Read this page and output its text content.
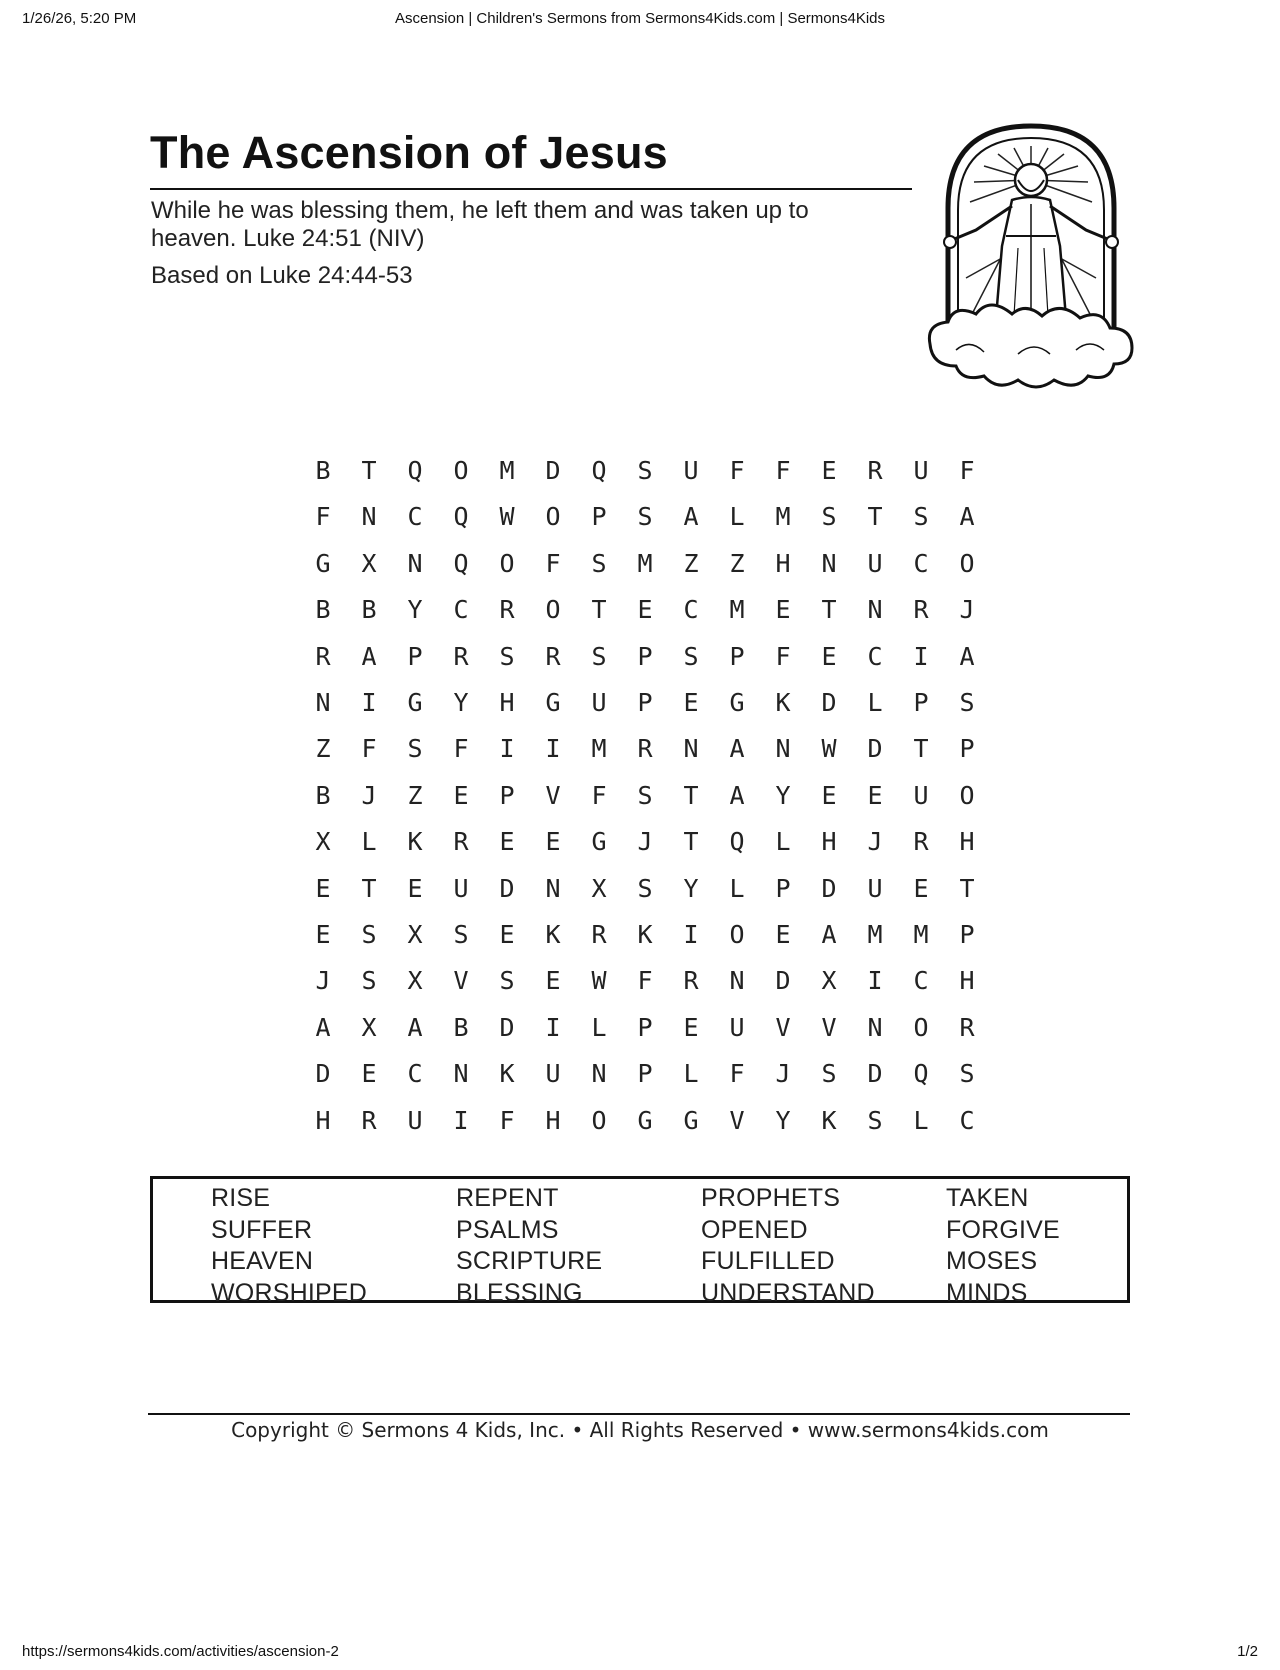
1/26/26, 5:20 PM	Ascension | Children's Sermons from Sermons4Kids.com | Sermons4Kids
The Ascension of Jesus
While he was blessing them, he left them and was taken up to heaven. Luke 24:51 (NIV)
Based on Luke 24:44-53
B	T	Q	O	M	D	Q	S	U	F	F	E	R	U	F
F	N	C	Q	W	O	P	S	A	L	M	S	T	S	A
G	X	N	Q	O	F	S	M	Z	Z	H	N	U	C	O
B	B	Y	C	R	O	T	E	C	M	E	T	N	R	J
R	A	P	R	S	R	S	P	S	P	F	E	C	I	A
N	I	G	Y	H	G	U	P	E	G	K	D	L	P	S
Z	F	S	F	I	I	M	R	N	A	N	W	D	T	P
B	J	Z	E	P	V	F	S	T	A	Y	E	E	U	O
X	L	K	R	E	E	G	J	T	Q	L	H	J	R	H
E	T	E	U	D	N	X	S	Y	L	P	D	U	E	T
E	S	X	S	E	K	R	K	I	O	E	A	M	M	P
J	S	X	V	S	E	W	F	R	N	D	X	I	C	H
A	X	A	B	D	I	L	P	E	U	V	V	N	O	R
D	E	C	N	K	U	N	P	L	F	J	S	D	Q	S
H	R	U	I	F	H	O	G	G	V	Y	K	S	L	C
RISE
SUFFER
HEAVEN
WORSHIPED
REPENT
PSALMS
SCRIPTURE
BLESSING
PROPHETS
OPENED
FULFILLED
UNDERSTAND
TAKEN
FORGIVE
MOSES
MINDS
Copyright © Sermons 4 Kids, Inc. • All Rights Reserved • www.sermons4kids.com
https://sermons4kids.com/activities/ascension-2	1/2
